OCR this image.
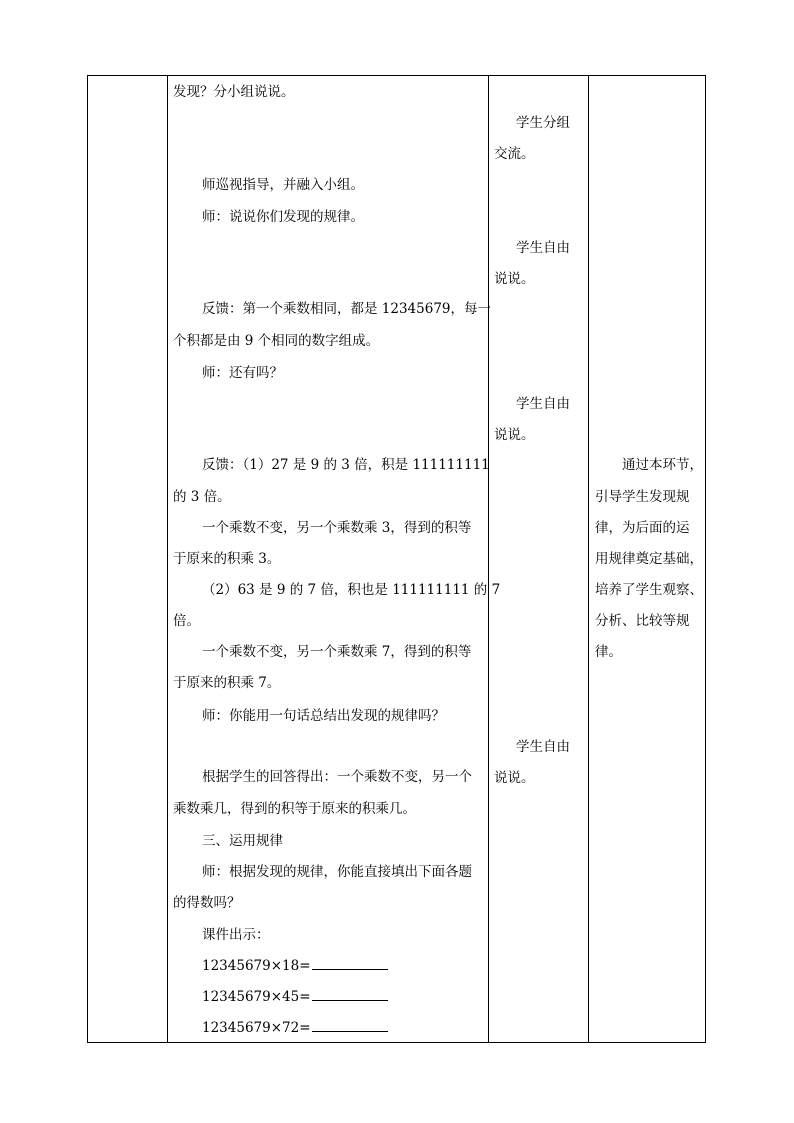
发现？分小组说说。
师巡视指导，并融入小组。
师：说说你们发现的规律。
反馈：第一个乘数相同，都是 12345679，每一
个积都是由 9 个相同的数字组成。
师：还有吗？
反馈：（1）27 是 9 的 3 倍，积是 111111111
的 3 倍。
一个乘数不变，另一个乘数乘 3，得到的积等
于原来的积乘 3。
（2）63 是 9 的 7 倍，积也是 111111111 的 7
倍。
一个乘数不变，另一个乘数乘 7，得到的积等
于原来的积乘 7。
师：你能用一句话总结出发现的规律吗？
根据学生的回答得出：一个乘数不变，另一个
乘数乘几，得到的积等于原来的积乘几。
三、运用规律
师：根据发现的规律，你能直接填出下面各题
的得数吗？
课件出示：
12345679×18=
12345679×45=
12345679×72=
学生分组
交流。
学生自由
说说。
学生自由
说说。
学生自由
说说。
通过本环节，
引导学生发现规
律，为后面的运
用规律奠定基础，
培养了学生观察、
分析、比较等规
律。
